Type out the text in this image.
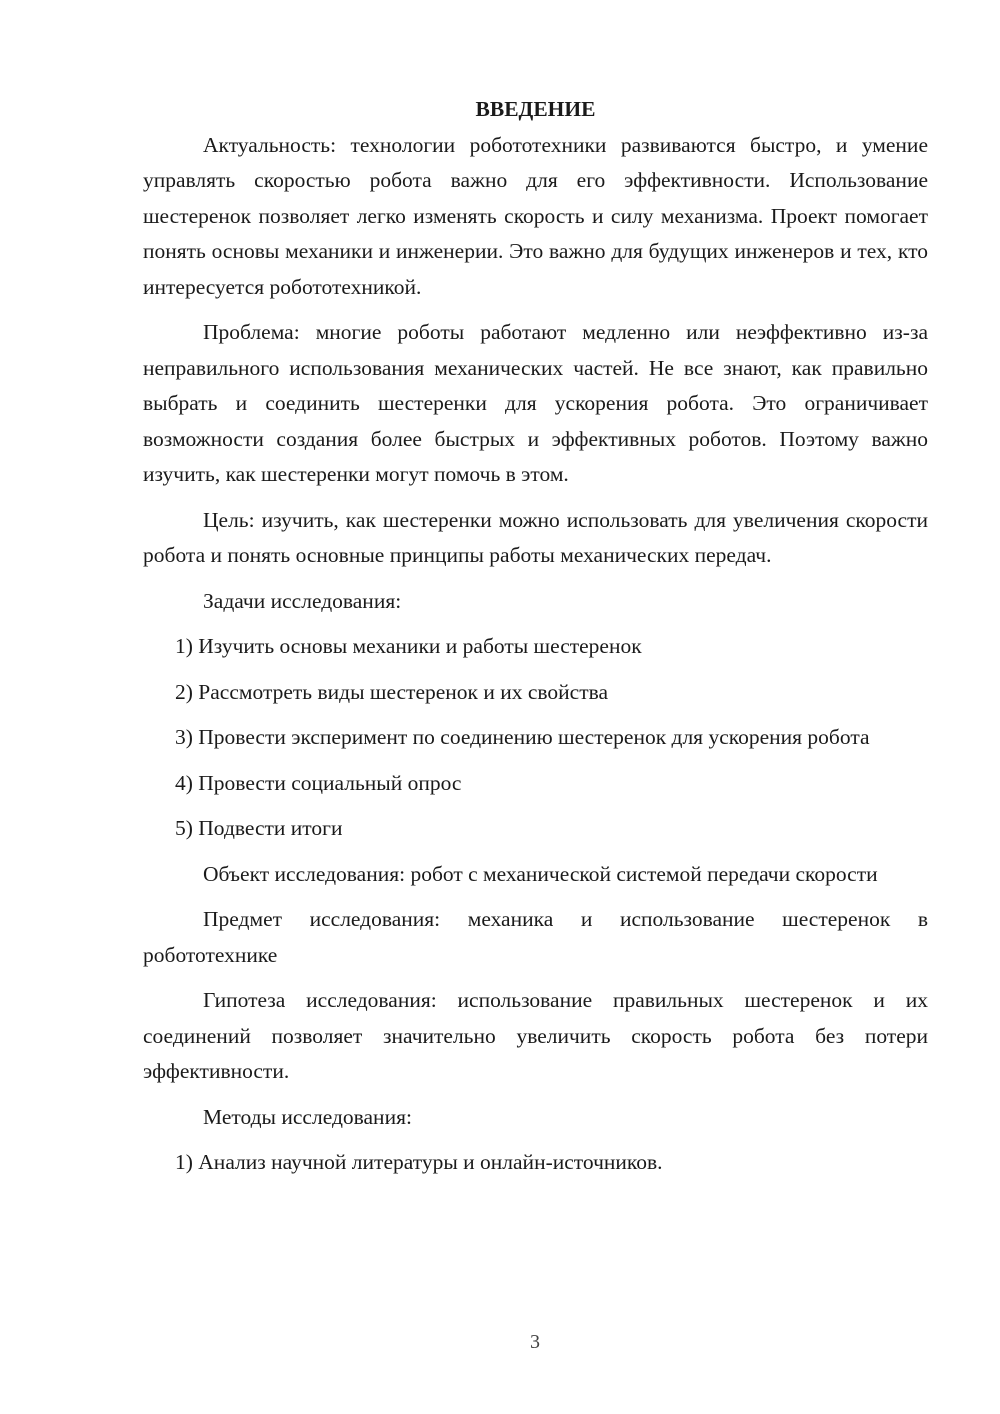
ВВЕДЕНИЕ

Актуальность: технологии робототехники развиваются быстро, и умение управлять скоростью робота важно для его эффективности. Использование шестеренок позволяет легко изменять скорость и силу механизма. Проект помогает понять основы механики и инженерии. Это важно для будущих инженеров и тех, кто интересуется робототехникой.

Проблема: многие роботы работают медленно или неэффективно из-за неправильного использования механических частей. Не все знают, как правильно выбрать и соединить шестеренки для ускорения робота. Это ограничивает возможности создания более быстрых и эффективных роботов. Поэтому важно изучить, как шестеренки могут помочь в этом.

Цель: изучить, как шестеренки можно использовать для увеличения скорости робота и понять основные принципы работы механических передач.

Задачи исследования:

1) Изучить основы механики и работы шестеренок

2) Рассмотреть виды шестеренок и их свойства

3) Провести эксперимент по соединению шестеренок для ускорения робота

4) Провести социальный опрос

5) Подвести итоги

Объект исследования: робот с механической системой передачи скорости

Предмет исследования: механика и использование шестеренок в робототехнике

Гипотеза исследования: использование правильных шестеренок и их соединений позволяет значительно увеличить скорость робота без потери эффективности.

Методы исследования:

1) Анализ научной литературы и онлайн-источников.

3
